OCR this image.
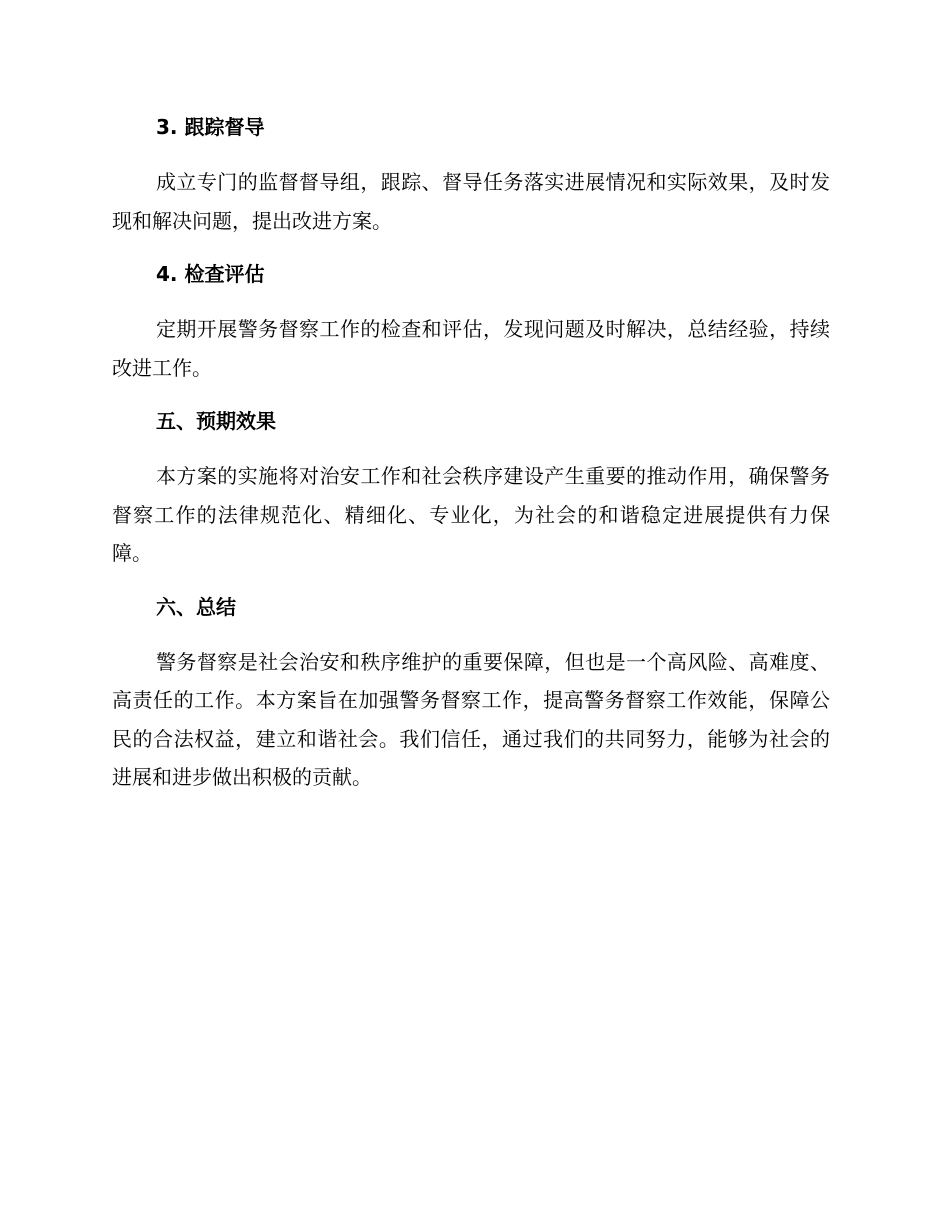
3. 跟踪督导
成立专门的监督督导组，跟踪、督导任务落实进展情况和实际效果，及时发现和解决问题，提出改进方案。
4. 检查评估
定期开展警务督察工作的检查和评估，发现问题及时解决，总结经验，持续改进工作。
五、预期效果
本方案的实施将对治安工作和社会秩序建设产生重要的推动作用，确保警务督察工作的法律规范化、精细化、专业化，为社会的和谐稳定进展提供有力保障。
六、总结
警务督察是社会治安和秩序维护的重要保障，但也是一个高风险、高难度、高责任的工作。本方案旨在加强警务督察工作，提高警务督察工作效能，保障公民的合法权益，建立和谐社会。我们信任，通过我们的共同努力，能够为社会的进展和进步做出积极的贡献。
